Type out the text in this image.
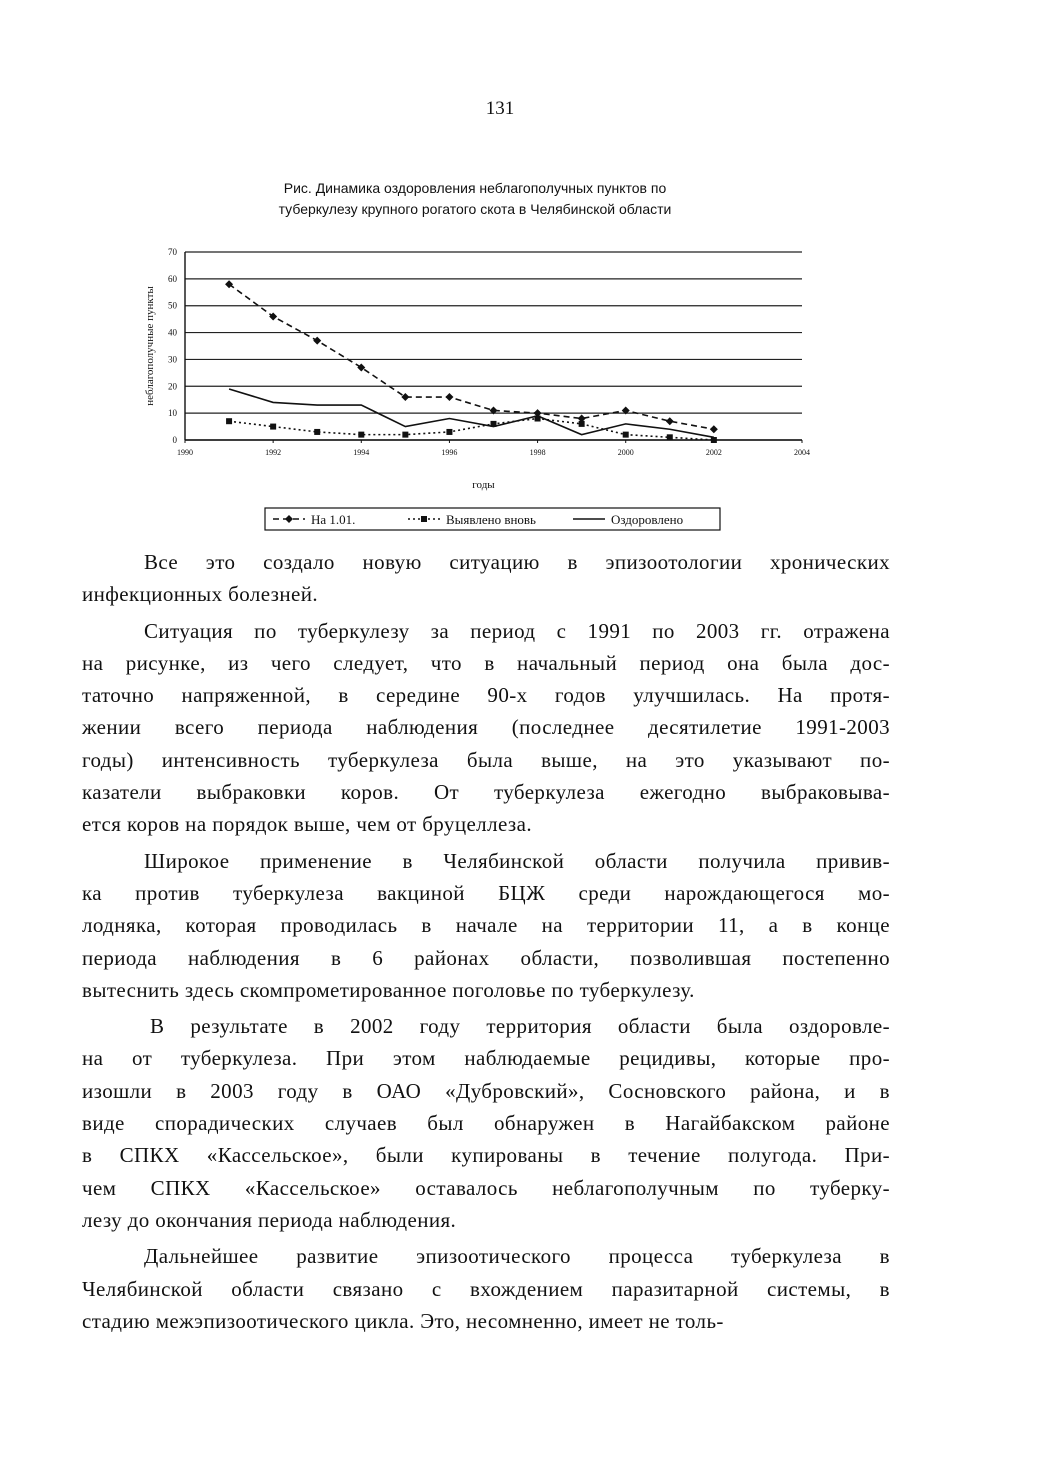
131
Рис. Динамика оздоровления неблагополучных пунктов по
туберкулезу крупного рогатого скота в Челябинской области
0
10
20
30
40
50
60
70
1990	1992	1994	1996	1998	2000	2002	2004
неблагополучные пункты
годы
На 1.01.	Выявлено вновь	Оздоровлено
Все это создало новую ситуацию в эпизоотологии хронических
инфекционных болезней.
Ситуация по туберкулезу за период с 1991 по 2003 гг. отражена
на рисунке, из чего следует, что в начальный период она была дос-
таточно напряженной, в середине 90-х годов улучшилась. На протя-
жении всего периода наблюдения (последнее десятилетие 1991-2003
годы) интенсивность туберкулеза была выше, на это указывают по-
казатели выбраковки коров. От туберкулеза ежегодно выбраковыва-
ется коров на порядок выше, чем от бруцеллеза.
Широкое применение в Челябинской области получила привив-
ка против туберкулеза вакциной БЦЖ среди нарождающегося мо-
лодняка, которая проводилась в начале на территории 11, а в конце
периода наблюдения в 6 районах области, позволившая постепенно
вытеснить здесь скомпрометированное поголовье по туберкулезу.
В результате в 2002 году территория области была оздоровле-
на от туберкулеза. При этом наблюдаемые рецидивы, которые про-
изошли в 2003 году в ОАО «Дубровский», Сосновского района, и в
виде спорадических случаев был обнаружен в Нагайбакском районе
в СПКХ «Кассельское», были купированы в течение полугода. При-
чем СПКХ «Кассельское» оставалось неблагополучным по туберку-
лезу до окончания периода наблюдения.
Дальнейшее развитие эпизоотического процесса туберкулеза в
Челябинской области связано с вхождением паразитарной системы, в
стадию межэпизоотического цикла. Это, несомненно, имеет не толь-
